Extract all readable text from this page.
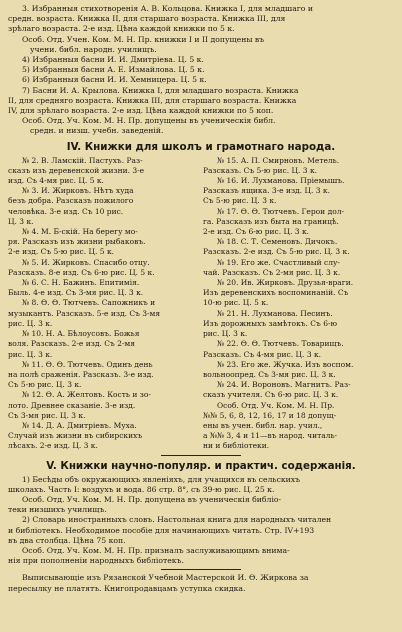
3. Избранныя стихотворенія А. В. Кольцова. Книжка I, для младшаго и
средн. возраста. Книжка II, для старшаго возраста. Книжка III, для
зрѣлаго возраста. 2-е изд. Цѣна каждой книжки по 5 к.
Особ. Отд. Учен. Ком. М. Н. Пр. книжки I и II допущены въ
учени. библ. народн. училищъ.
4) Избранныя басни И. И. Дмитріева. Ц. 5 к.
5) Избранныя басни А. Е. Измайлова. Ц. 5 к.
6) Избранныя басни И. И. Хемницера. Ц. 5 к.
7) Басни И. А. Крылова. Книжка I, для младшаго возраста. Книжка
II, для средняго возраста. Книжка III, для старшаго возраста. Книжка
IV, для зрѣлаго возраста. 2-е изд. Цѣна каждой книжки по 5 коп.
Особ. Отд. Уч. Ком. М. Н. Пр. допущены въ ученическія библ.
средн. и низш. учебн. заведеній.
IV. Книжки для школъ и грамотнаго народа.
№ 2. В. Ламскій. Пастухъ. Раз-
сказъ изъ деревенской жизни. 3-е
изд. Съ 4-мя рис. Ц. 5 к.
№ 3. И. Жирковъ. Нѣтъ худа
безъ добра. Разсказъ пожилого
человѣка. 3-е изд. Съ 10 рис.
Ц. 3 к.
№ 4. М. Б-скій. На берегу мо-
ря. Разсказъ изъ жизни рыбаковъ.
2-е изд. Съ 5-ю рис. Ц. 5 к.
№ 5. И. Жирковъ. Спасибо отцу.
Разсказъ. 8-е изд. Съ 6-ю рис. Ц. 5 к.
№ 6. С. Н. Бажинъ. Епитимія.
Быль. 4-е изд. Съ 3-мя рис. Ц. 3 к.
№ 8. Ѳ. Ѳ. Тютчевъ. Сапожникъ и
музыкантъ. Разсказъ. 5-е изд. Съ 3-мя
рис. Ц. 3 к.
№ 10. Н. А. Бѣлоусовъ. Божья
воля. Разсказъ. 2-е изд. Съ 2-мя
рис. Ц. 3 к.
№ 11. Ѳ. Ѳ. Тютчевъ. Одинъ день
на полѣ сраженія. Разсказъ. 3-е изд.
Съ 5-ю рис. Ц. 3 к.
№ 12. Ѳ. А. Желтовъ. Кость и зо-
лото. Древнее сказаніе. 3-е изд.
Съ 3-мя рис. Ц. 3 к.
№ 14. Д. А. Дмитріевъ. Муха.
Случай изъ жизни въ сибирскихъ
лѣсахъ. 2-е изд. Ц. 3 к.
№ 15. А. П. Смирновъ. Метель.
Разсказъ. Съ 5-ю рис. Ц. 3 к.
№ 16. И. Лухманова. Пріемышъ.
Разсказъ ящика. 3-е изд. Ц. 3 к.
Съ 5-ю рис. Ц. 3 к.
№ 17. Ѳ. Ѳ. Тютчевъ. Герои дол-
га. Разсказъ изъ быта на границѣ.
2-е изд. Съ 6-ю рис. Ц. 3 к.
№ 18. С. Т. Семеновъ. Дичокъ.
Разсказъ. 2-е изд. Съ 5-ю рис. Ц. 3 к.
№ 19. Его же. Счастливый слу-
чай. Разсказъ. Съ 2-мя рис. Ц. 3 к.
№ 20. Ив. Жирковъ. Друзья-враги.
Изъ деревенскихъ воспоминаній. Съ
10-ю рис. Ц. 5 к.
№ 21. Н. Лухманова. Песинъ.
Изъ дорожныхъ замѣтокъ. Съ 6-ю
рис. Ц. 3 к.
№ 22. Ѳ. Ѳ. Тютчевъ. Товарищъ.
Разсказъ. Съ 4-мя рис. Ц. 3 к.
№ 23. Его же. Жучка. Изъ воспом.
вольноопред. Съ 3-мя рис. Ц. 3 к.
№ 24. И. Вороновъ. Магнитъ. Раз-
сказъ учителя. Съ 6-ю рис. Ц. 3 к.
Особ. Отд. Уч. Ком. М. Н. Пр.
№№ 5, 6, 8, 12, 16, 17 и 18 допущ-
ены въ учен. библ. нар. учил.,
а №№ 3, 4 и 11—въ народ. читаль-
ни и библіотеки.
V. Книжки научно-популяр. и практич. содержанія.
1) Бесѣды объ окружающихъ явленіяхъ, для учащихся въ сельскихъ
школахъ. Часть I: воздухъ и вода. 86 стр. 8°, съ 39-ю рис. Ц. 25 к.
Особ. Отд. Уч. Ком. М. Н. Пр. допущена въ ученическія библіо-
теки низшихъ училищъ.
2) Словарь иностранныхъ словъ. Настольная книга для народныхъ читален
и библіотекъ. Необходимое пособіе для начинающихъ читать. Стр. IV+193
въ два столбца. Цѣна 75 коп.
Особ. Отд. Уч. Ком. М. Н. Пр. призналъ заслуживающимъ внима-
нія при пополненіи народныхъ библіотекъ.
Выписывающіе изъ Рязанской Учебной Мастерской И. Ѳ. Жиркова за
пересылку не платятъ. Книгопродавцамъ уступка скидка.
